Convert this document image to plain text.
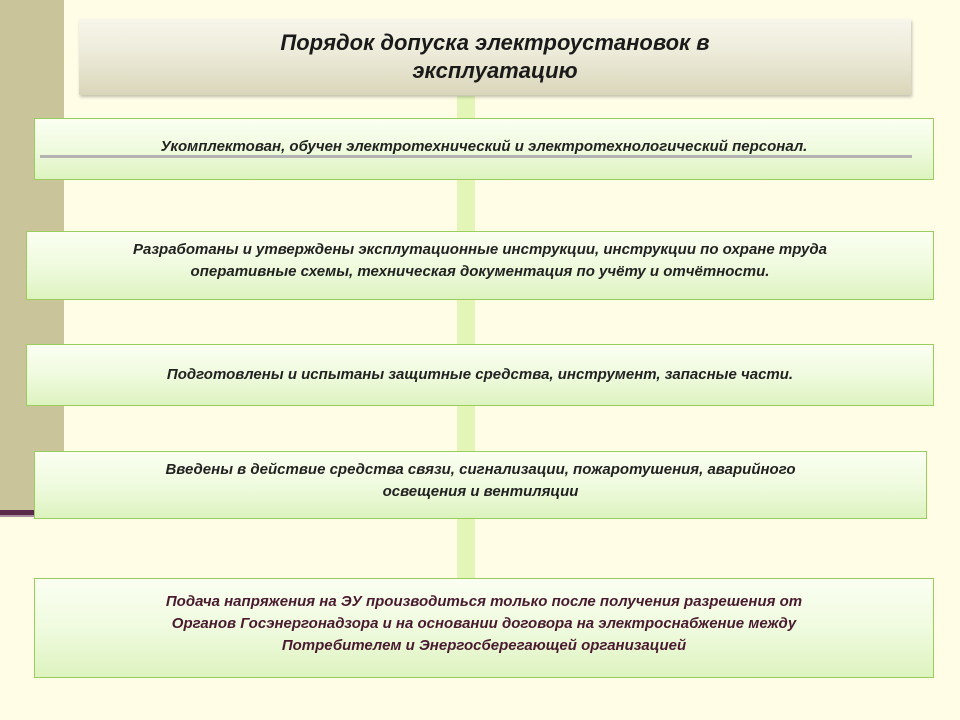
Порядок допуска электроустановок в
эксплуатацию
Укомплектован, обучен электротехнический и электротехнологический персонал.
Разработаны и утверждены эксплутационные инструкции, инструкции по охране труда
оперативные схемы, техническая документация по учёту и отчётности.
Подготовлены и испытаны защитные средства, инструмент, запасные части.
Введены в действие средства связи, сигнализации, пожаротушения, аварийного
освещения и вентиляции
Подача напряжения на ЭУ производиться только после получения разрешения от
Органов Госэнергонадзора и на основании договора на электроснабжение между
Потребителем и Энергосберегающей организацией
